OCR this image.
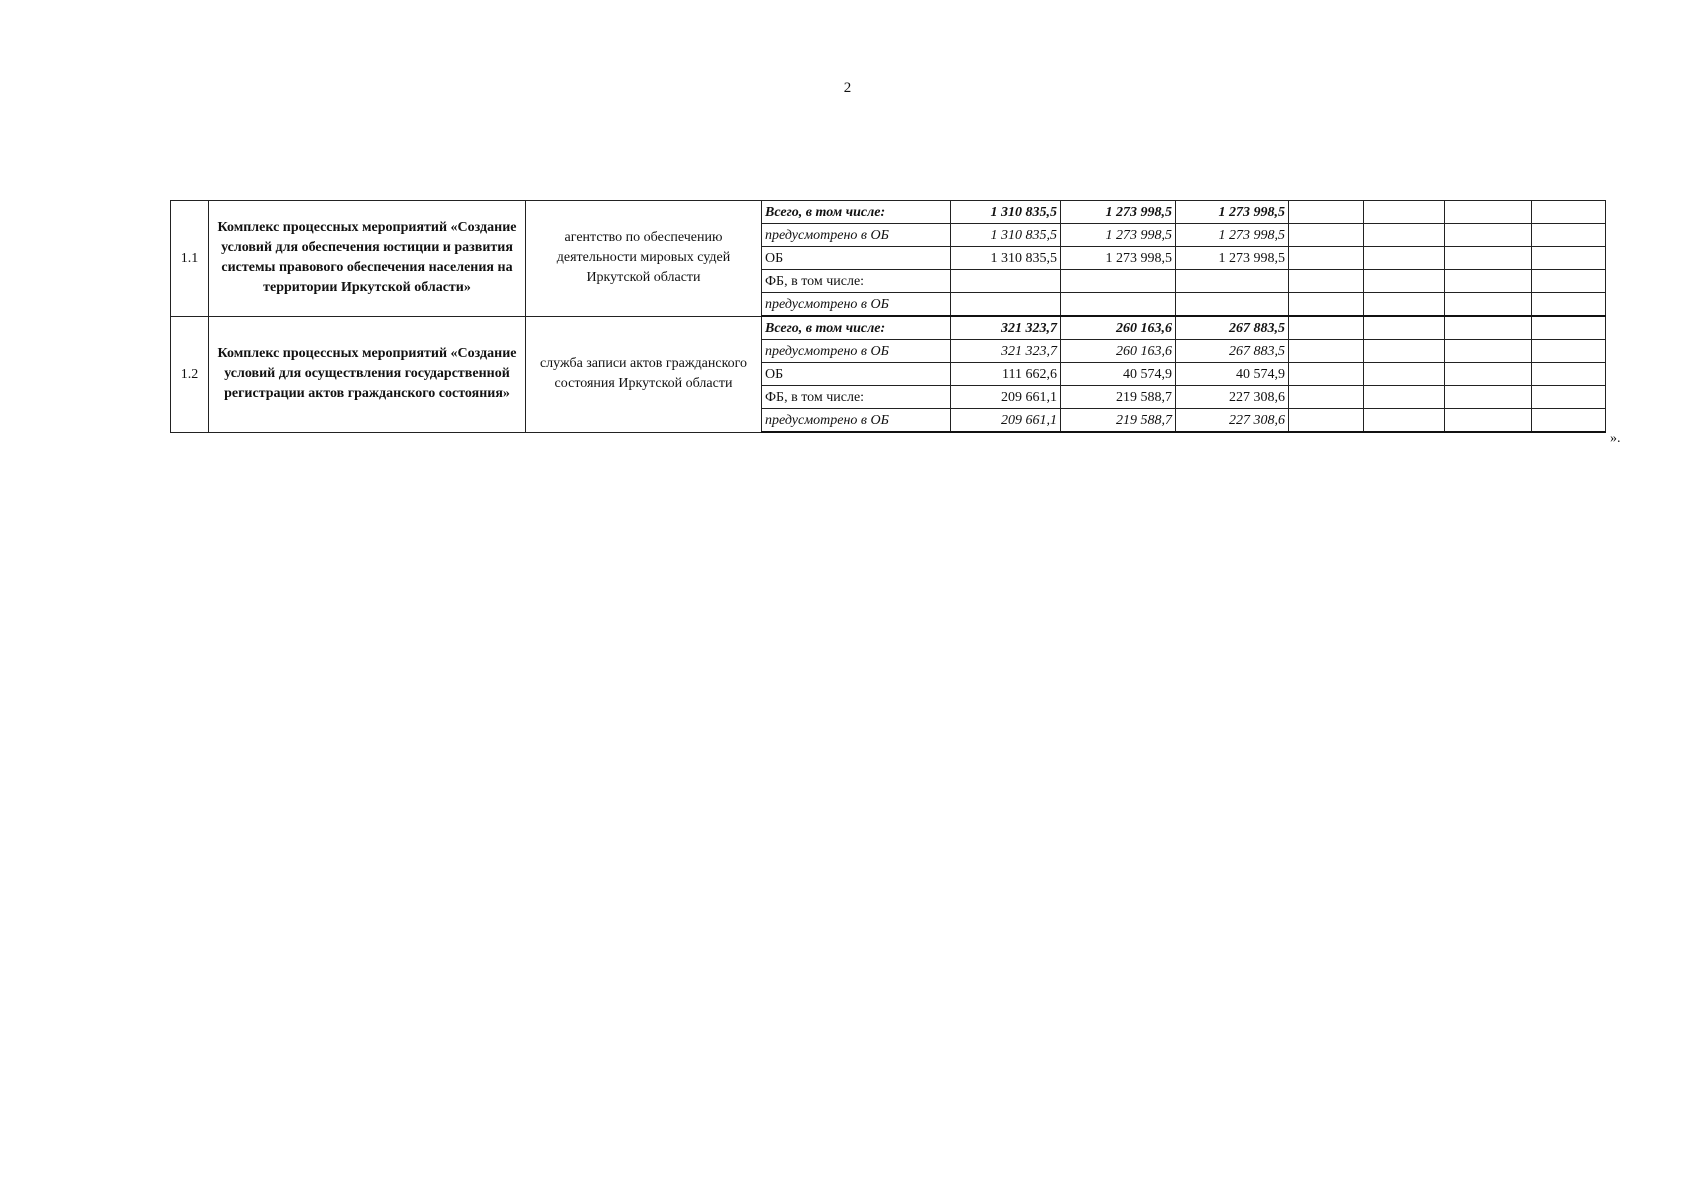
2
1.1	Комплекс процессных мероприятий «Создание условий для обеспечения юстиции и развития системы правового обеспечения населения на территории Иркутской области»	агентство по обеспечению деятельности мировых судей Иркутской области	Всего, в том числе:	1 310 835,5	1 273 998,5	1 273 998,5				
			предусмотрено в ОБ	1 310 835,5	1 273 998,5	1 273 998,5				
			ОБ	1 310 835,5	1 273 998,5	1 273 998,5				
			ФБ, в том числе:							
			предусмотрено в ОБ							
1.2	Комплекс процессных мероприятий «Создание условий для осуществления государственной регистрации актов гражданского состояния»	служба записи актов гражданского состояния Иркутской области	Всего, в том числе:	321 323,7	260 163,6	267 883,5				
			предусмотрено в ОБ	321 323,7	260 163,6	267 883,5				
			ОБ	111 662,6	40 574,9	40 574,9				
			ФБ, в том числе:	209 661,1	219 588,7	227 308,6				
			предусмотрено в ОБ	209 661,1	219 588,7	227 308,6				
».
